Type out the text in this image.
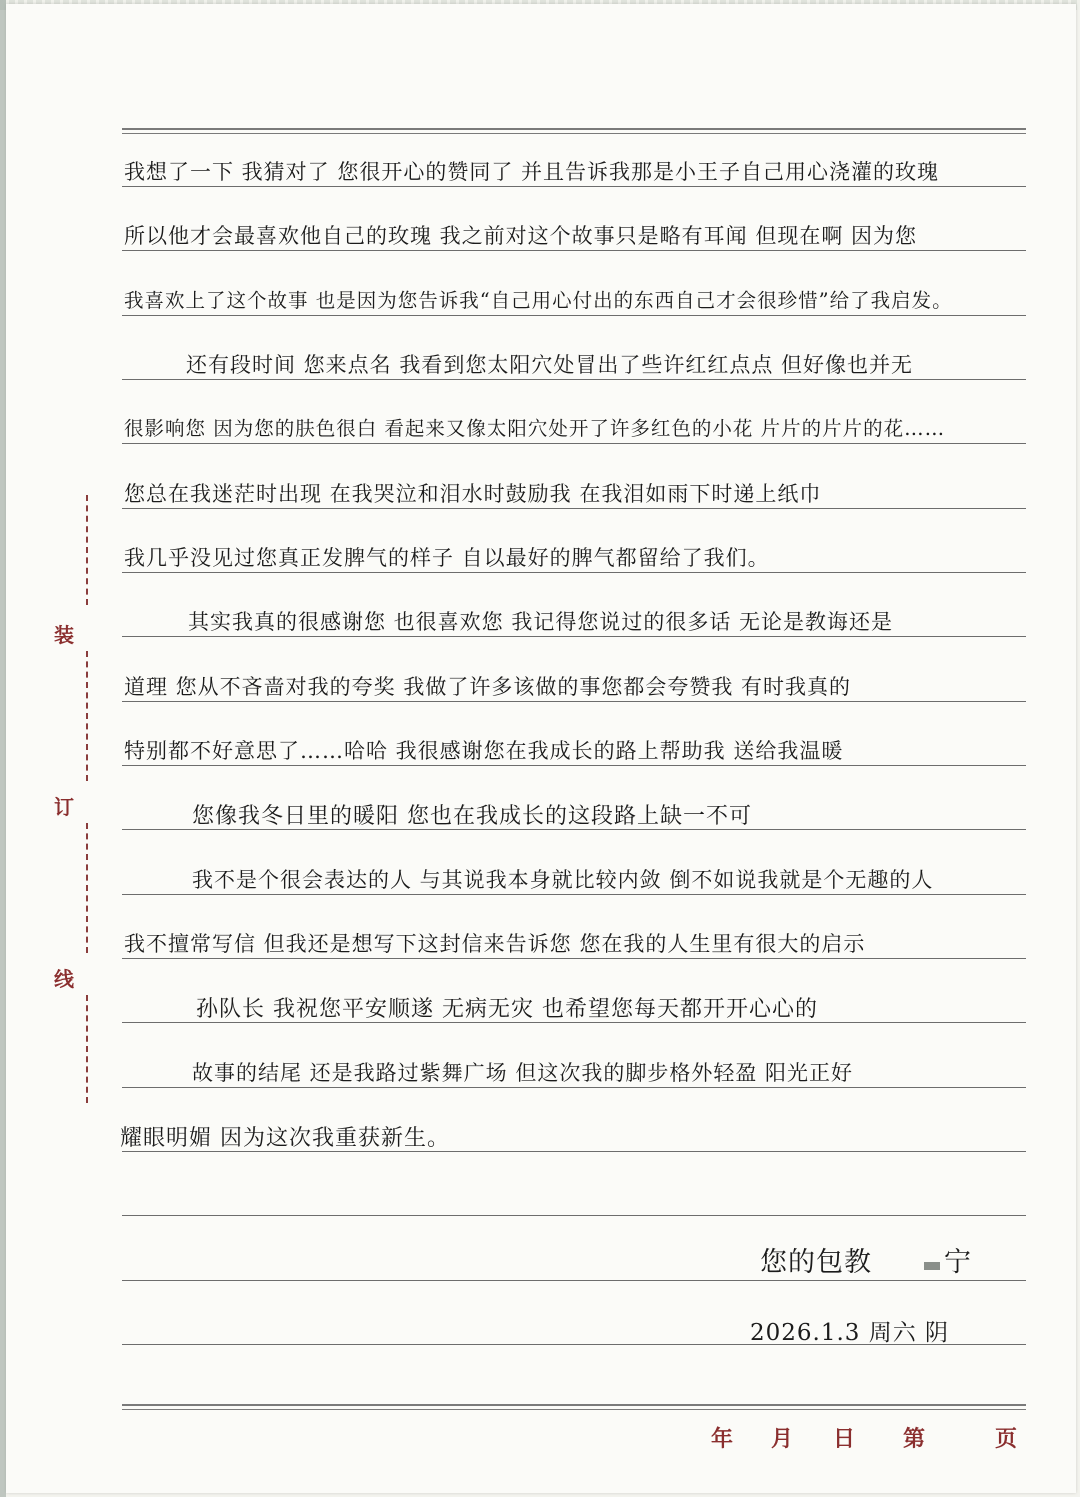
装
订
线
我想了一下 我猜对了 您很开心的赞同了 并且告诉我那是小王子自己用心浇灌的玫瑰
所以他才会最喜欢他自己的玫瑰 我之前对这个故事只是略有耳闻 但现在啊 因为您
我喜欢上了这个故事 也是因为您告诉我“自己用心付出的东西自己才会很珍惜”给了我启发。
还有段时间 您来点名 我看到您太阳穴处冒出了些许红红点点 但好像也并无
很影响您 因为您的肤色很白 看起来又像太阳穴处开了许多红色的小花 片片的片片的花……
您总在我迷茫时出现 在我哭泣和泪水时鼓励我 在我泪如雨下时递上纸巾
我几乎没见过您真正发脾气的样子 自以最好的脾气都留给了我们。
其实我真的很感谢您 也很喜欢您 我记得您说过的很多话 无论是教诲还是
道理 您从不吝啬对我的夸奖 我做了许多该做的事您都会夸赞我 有时我真的
特别都不好意思了……哈哈 我很感谢您在我成长的路上帮助我 送给我温暖
您像我冬日里的暖阳 您也在我成长的这段路上缺一不可
我不是个很会表达的人 与其说我本身就比较内敛 倒不如说我就是个无趣的人
我不擅常写信 但我还是想写下这封信来告诉您 您在我的人生里有很大的启示
孙队长 我祝您平安顺遂 无病无灾 也希望您每天都开开心心的
故事的结尾 还是我路过紫舞广场 但这次我的脚步格外轻盈 阳光正好
耀眼明媚 因为这次我重获新生。
您的包教	宁
2026.1.3 周六 阴
年 月 日 第	页
